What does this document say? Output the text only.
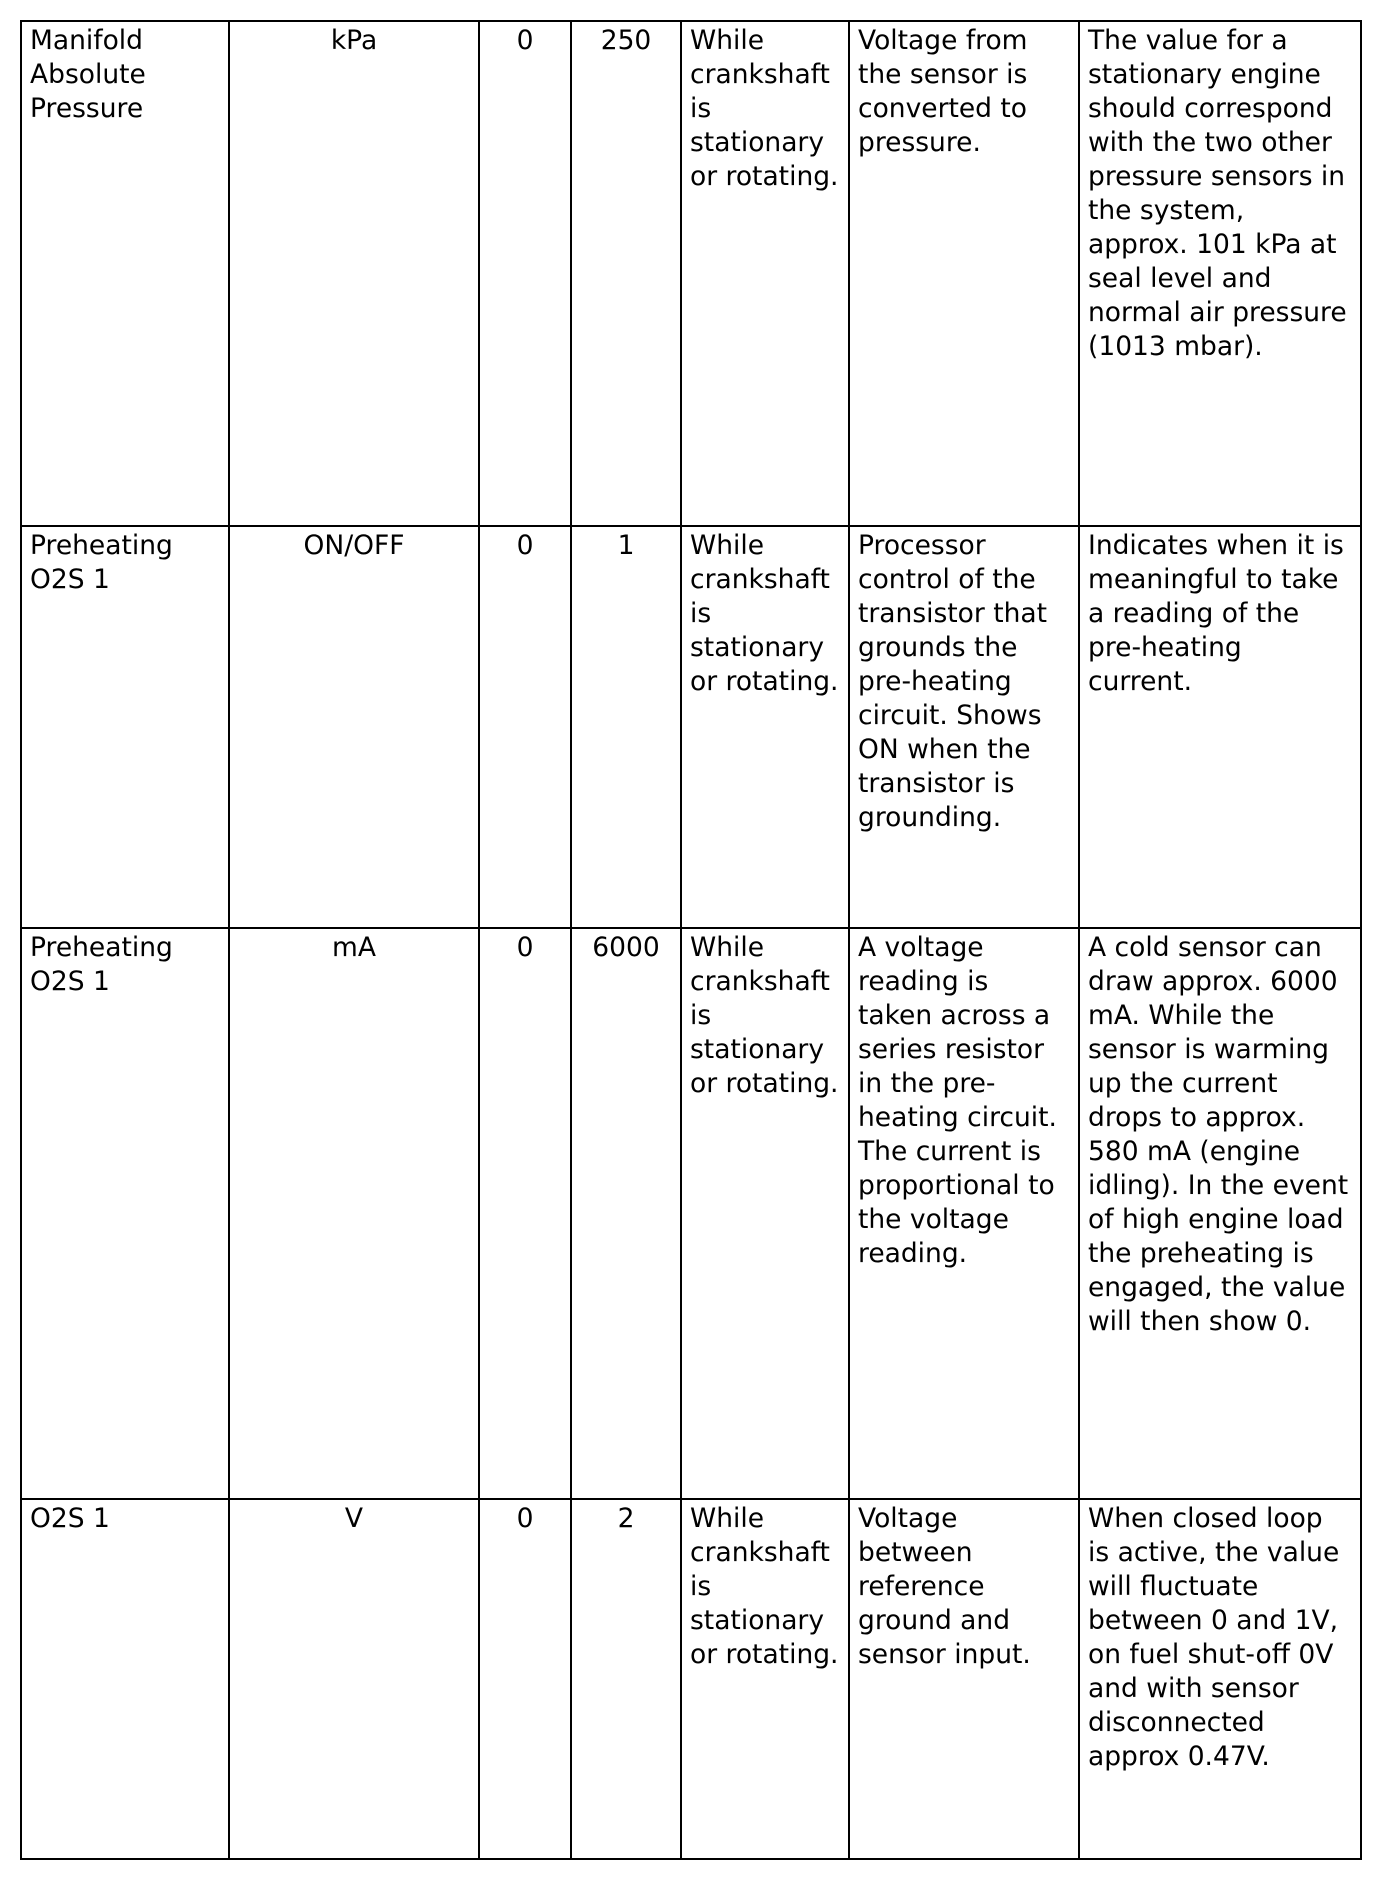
Manifold Absolute Pressure	kPa	0	250	While crankshaft is stationary or rotating.	Voltage from the sensor is converted to pressure.	The value for a stationary engine should correspond with the two other pressure sensors in the system, approx. 101 kPa at seal level and normal air pressure (1013 mbar).
Preheating O2S 1	ON/OFF	0	1	While crankshaft is stationary or rotating.	Processor control of the transistor that grounds the pre-heating circuit. Shows ON when the transistor is grounding.	Indicates when it is meaningful to take a reading of the pre-heating current.
Preheating O2S 1	mA	0	6000	While crankshaft is stationary or rotating.	A voltage reading is taken across a series resistor in the pre-heating circuit. The current is proportional to the voltage reading.	A cold sensor can draw approx. 6000 mA. While the sensor is warming up the current drops to approx. 580 mA (engine idling). In the event of high engine load the preheating is engaged, the value will then show 0.
O2S 1	V	0	2	While crankshaft is stationary or rotating.	Voltage between reference ground and sensor input.	When closed loop is active, the value will fluctuate between 0 and 1V, on fuel shut-off 0V and with sensor disconnected approx 0.47V.
